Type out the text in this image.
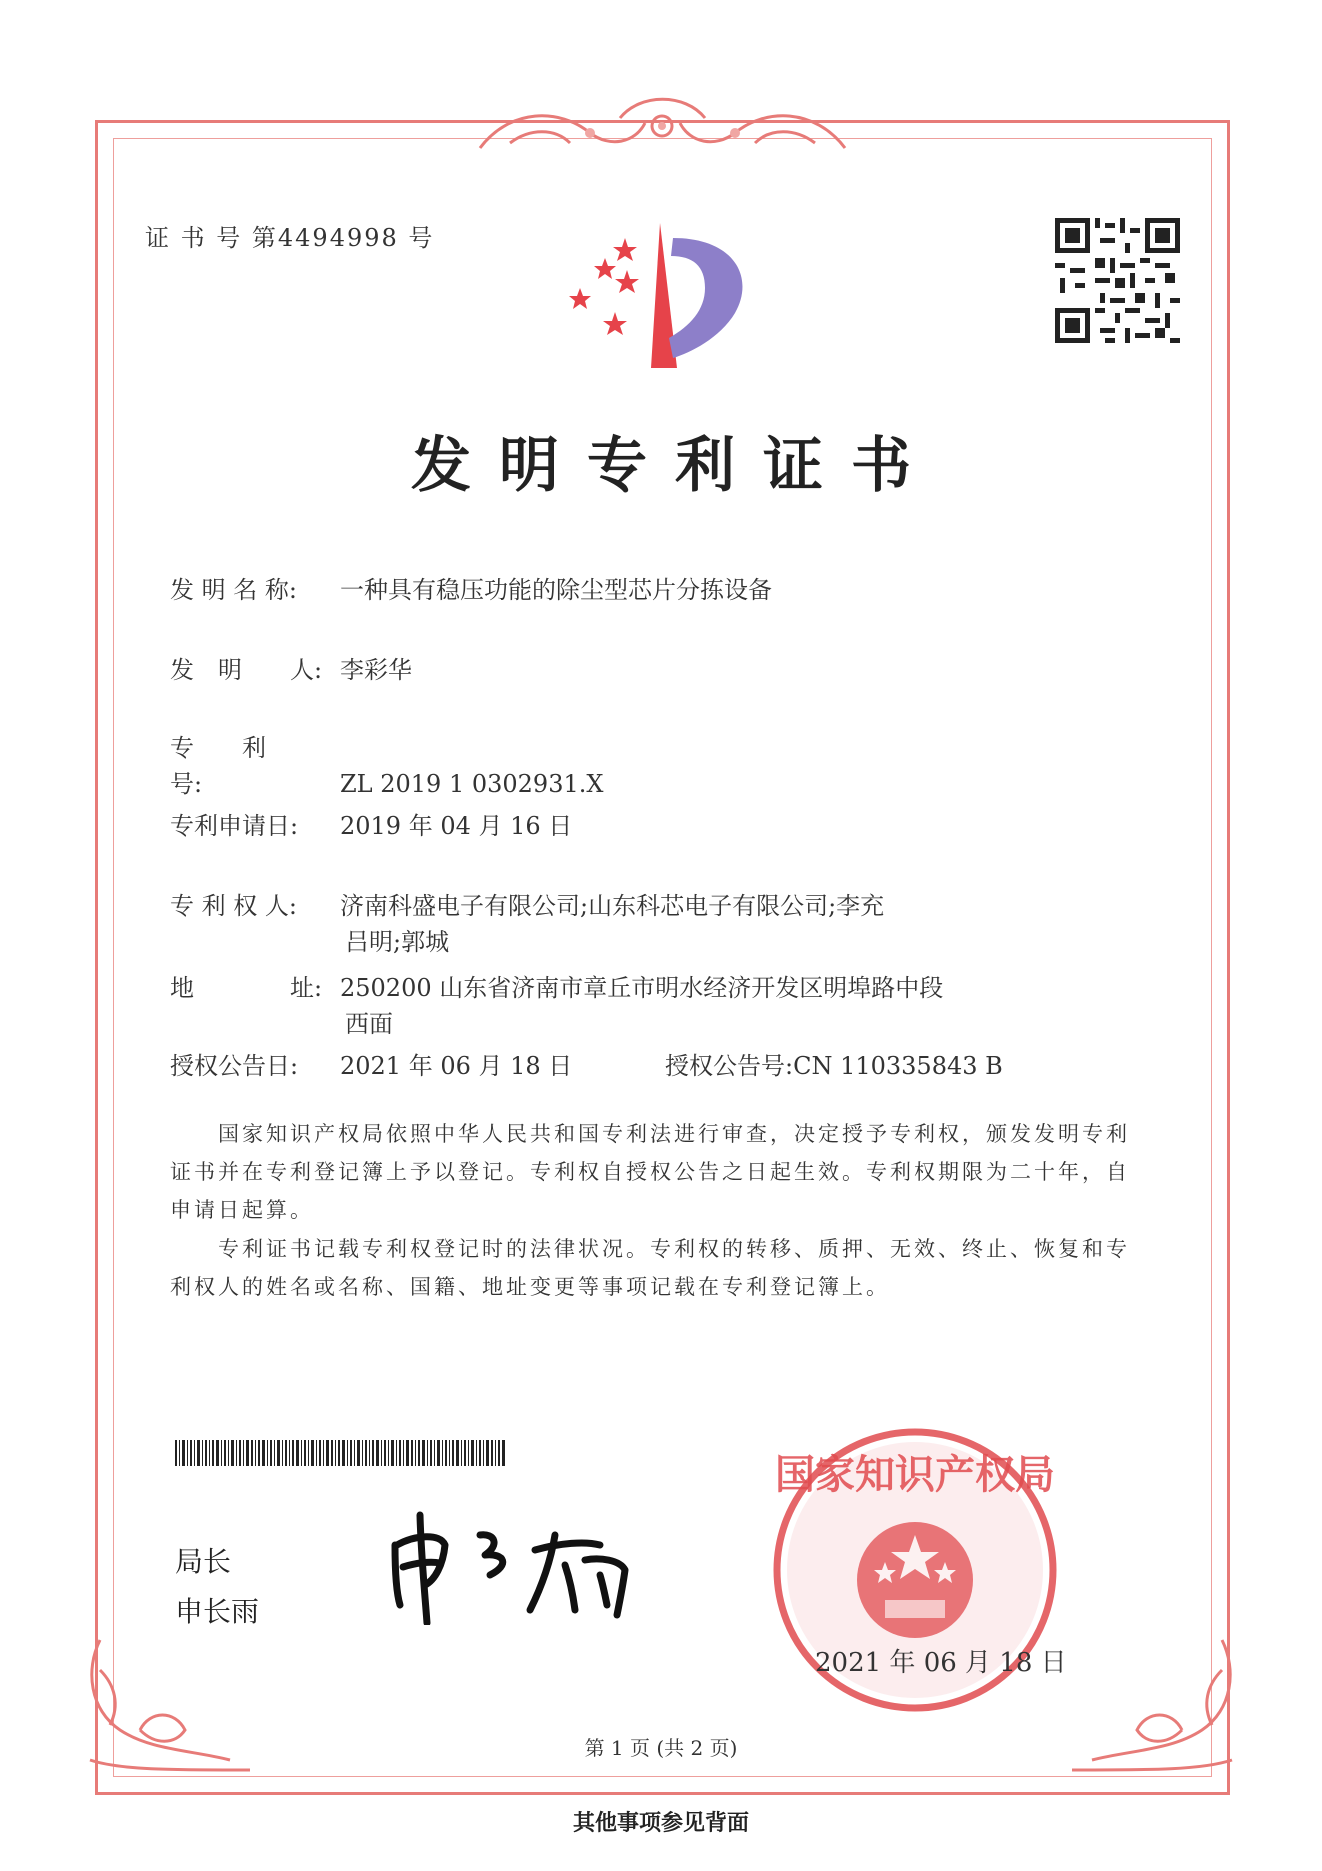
证 书 号 第4494998 号
发明专利证书
发 明 名 称: 一种具有稳压功能的除尘型芯片分拣设备
发　明　　人: 李彩华
专　　利　　号:	ZL 2019 1 0302931.X
专利申请日: 2019 年 04 月 16 日
专 利 权 人: 济南科盛电子有限公司;山东科芯电子有限公司;李充
吕明;郭城
地　　　　址: 250200 山东省济南市章丘市明水经济开发区明埠路中段
西面
授权公告日: 2021 年 06 月 18 日	授权公告号:CN 110335843 B
国家知识产权局依照中华人民共和国专利法进行审查，决定授予专利权，颁发发明专利
证书并在专利登记簿上予以登记。专利权自授权公告之日起生效。专利权期限为二十年，自
申请日起算。
专利证书记载专利权登记时的法律状况。专利权的转移、质押、无效、终止、恢复和专
利权人的姓名或名称、国籍、地址变更等事项记载在专利登记簿上。
局长
申长雨
国家知识产权局
2021 年 06 月 18 日
第 1 页 (共 2 页)
其他事项参见背面
